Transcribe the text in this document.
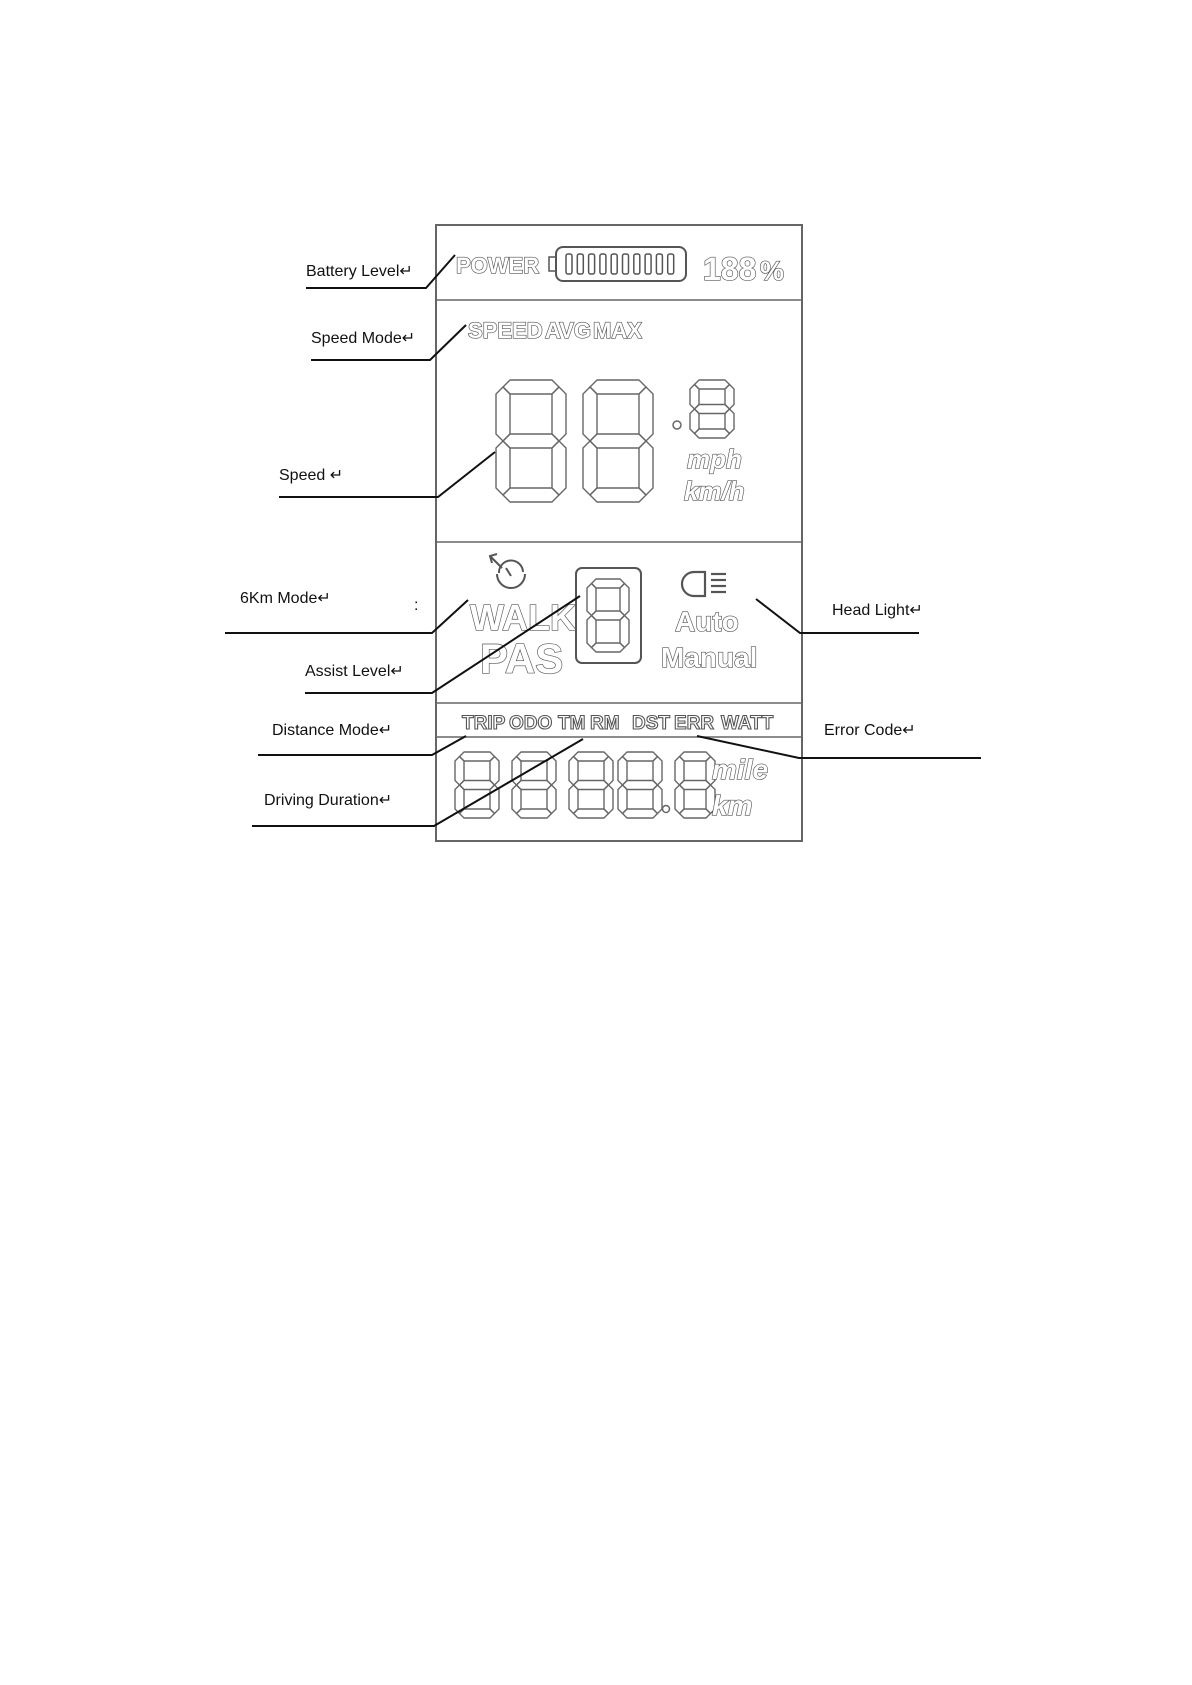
POWER	188 %
SPEED AVG MAX
mph
km/h
WALK
PAS
Auto
Manual
TRIP ODO TM RM DST ERR WATT
mile
km
Battery Level↵
Speed Mode↵
Speed ↵
6Km Mode↵	:
Assist Level↵
Distance Mode↵
Driving Duration↵
Head Light↵
Error Code↵
